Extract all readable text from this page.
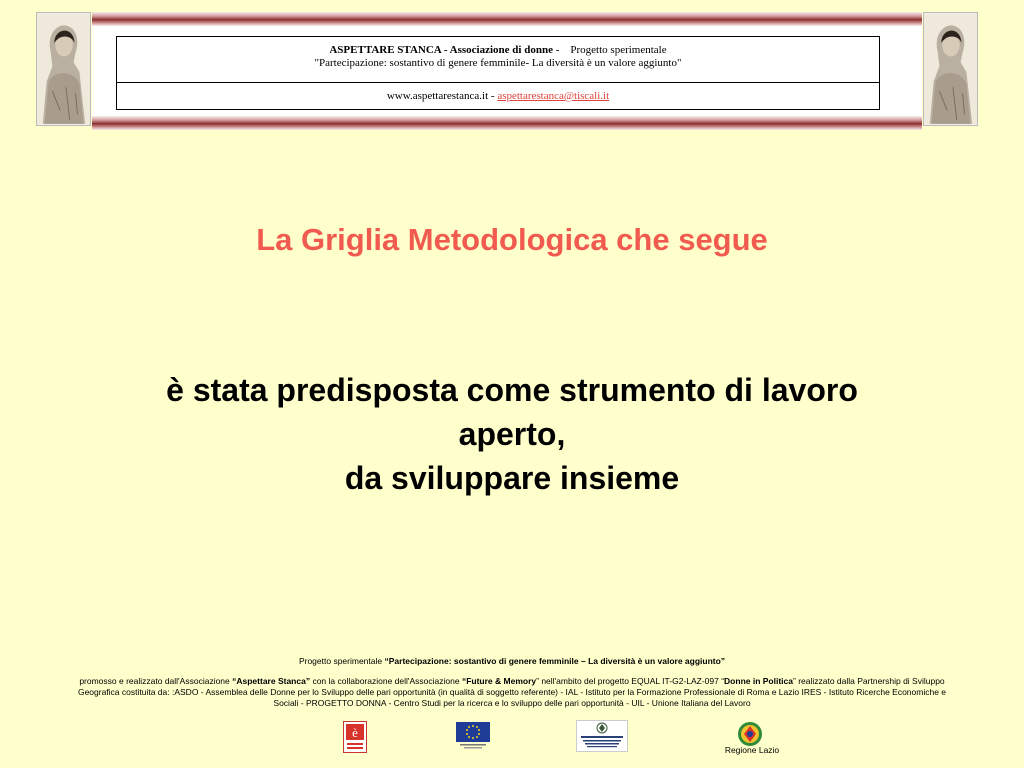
ASPETTARE STANCA - Associazione di donne - Progetto sperimentale
"Partecipazione: sostantivo di genere femminile- La diversità è un valore aggiunto"
www.aspettarestanca.it - aspettarestanca@tiscali.it
La Griglia Metodologica che segue
è stata predisposta come strumento di lavoro
aperto,
da sviluppare insieme
Progetto sperimentale “Partecipazione: sostantivo di genere femminile – La diversità è un valore aggiunto”
promosso e realizzato dall'Associazione “Aspettare Stanca” con la collaborazione dell'Associazione “Future & Memory” nell'ambito del progetto EQUAL IT-G2-LAZ-097 “Donne in Politica” realizzato dalla Partnership di Sviluppo Geografica costituita da: :ASDO - Assemblea delle Donne per lo Sviluppo delle pari opportunità (in qualità di soggetto referente) - IAL - Istituto per la Formazione Professionale di Roma e Lazio IRES - Istituto Ricerche Economiche e Sociali - PROGETTO DONNA - Centro Studi per la ricerca e lo sviluppo delle pari opportunità - UIL - Unione Italiana del Lavoro
è
Regione Lazio
